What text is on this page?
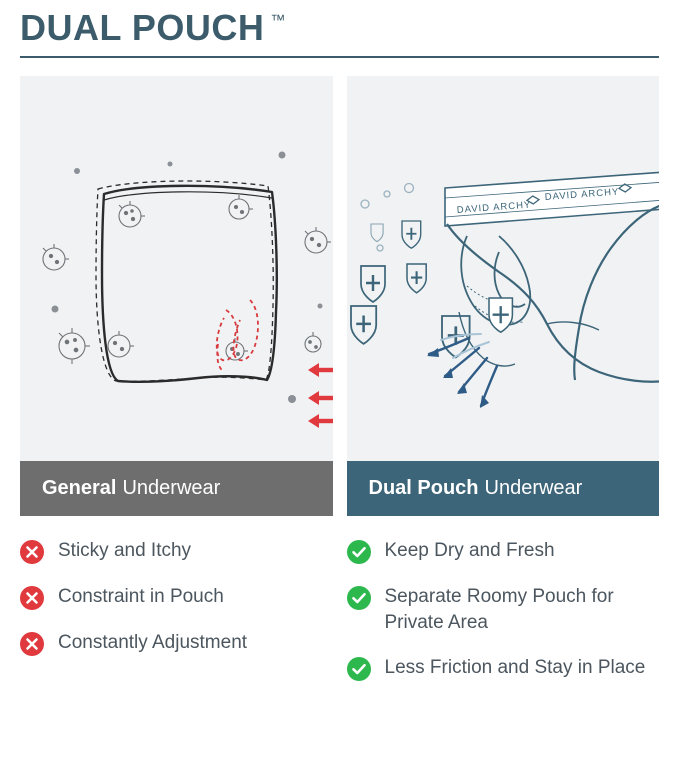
DUAL POUCH ™
General Underwear
DAVID ARCHY
DAVID ARCHY
Dual Pouch Underwear
Sticky and Itchy
Constraint in Pouch
Constantly Adjustment
Keep Dry and Fresh
Separate Roomy Pouch for Private Area
Less Friction and Stay in Place
